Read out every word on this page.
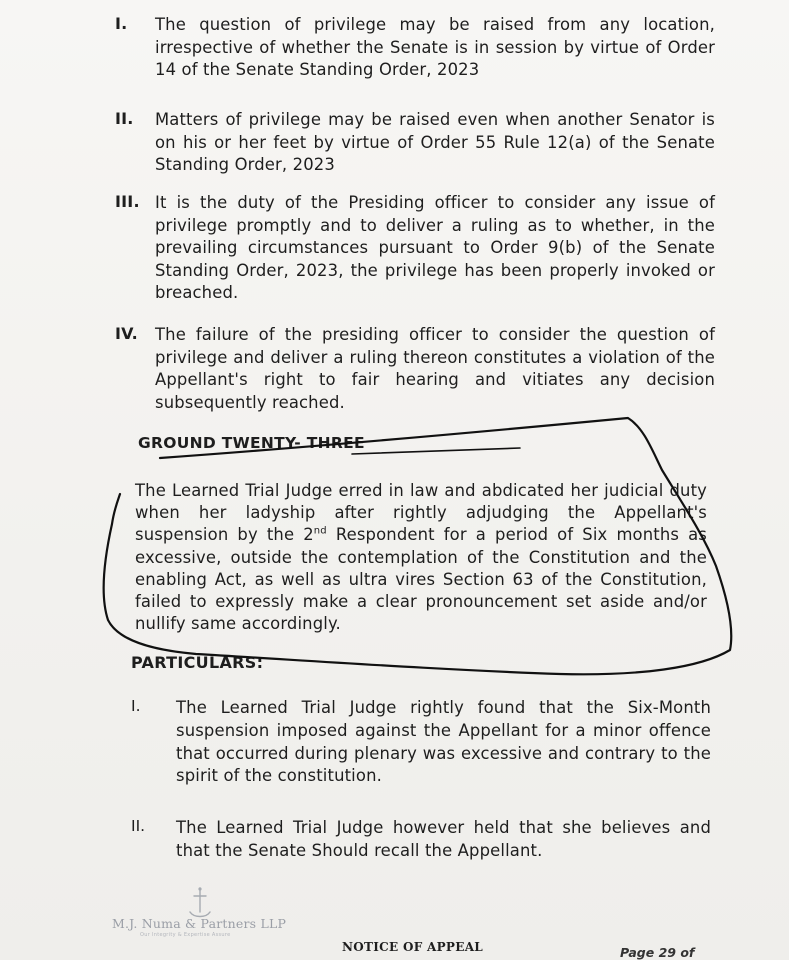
I. The question of privilege may be raised from any location, irrespective of whether the Senate is in session by virtue of Order 14 of the Senate Standing Order, 2023
II. Matters of privilege may be raised even when another Senator is on his or her feet by virtue of Order 55 Rule 12(a) of the Senate Standing Order, 2023
III. It is the duty of the Presiding officer to consider any issue of privilege promptly and to deliver a ruling as to whether, in the prevailing circumstances pursuant to Order 9(b) of the Senate Standing Order, 2023, the privilege has been properly invoked or breached.
IV. The failure of the presiding officer to consider the question of privilege and deliver a ruling thereon constitutes a violation of the Appellant's right to fair hearing and vitiates any decision subsequently reached.
GROUND TWENTY- THREE
The Learned Trial Judge erred in law and abdicated her judicial duty when her ladyship after rightly adjudging the Appellant's suspension by the 2nd Respondent for a period of Six months as excessive, outside the contemplation of the Constitution and the enabling Act, as well as ultra vires Section 63 of the Constitution, failed to expressly make a clear pronouncement set aside and/or nullify same accordingly.
PARTICULARS:
I. The Learned Trial Judge rightly found that the Six-Month suspension imposed against the Appellant for a minor offence that occurred during plenary was excessive and contrary to the spirit of the constitution.
II. The Learned Trial Judge however held that she believes and that the Senate Should recall the Appellant.
M.J. Numa & Partners LLP
Our Integrity & Expertise Assure
NOTICE OF APPEAL	Page 29 of
